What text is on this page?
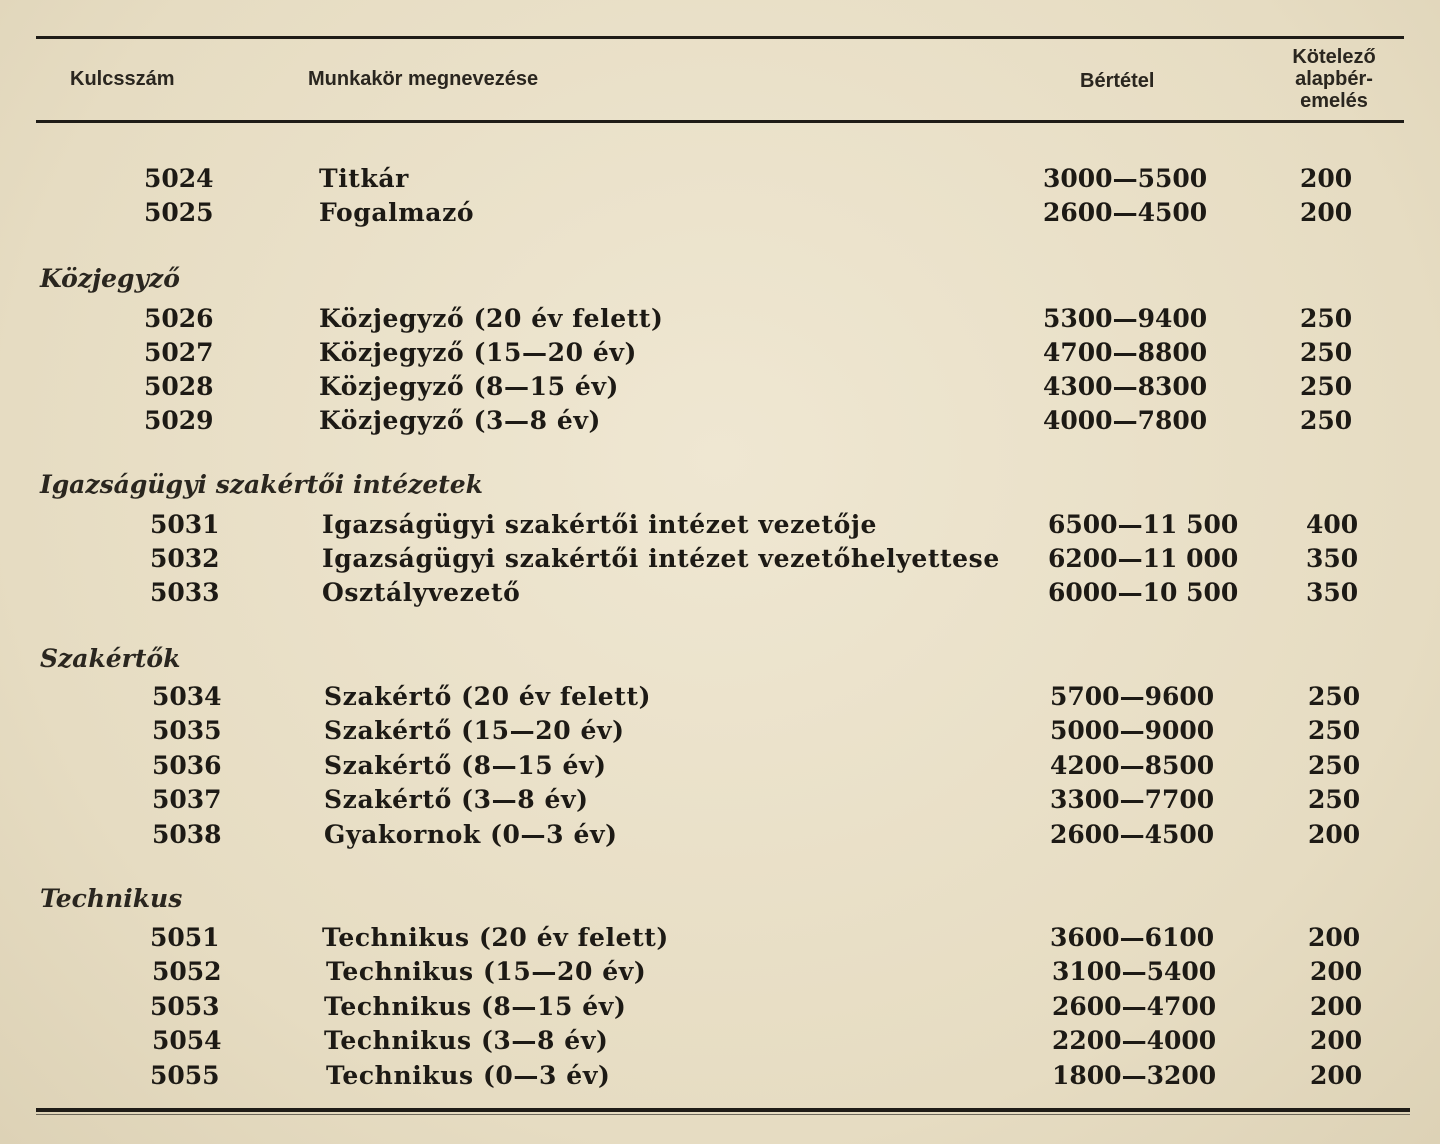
Kulcsszám	Munkakör megnevezése	Bértétel
Kötelező
alapbér-
emelés
5024	Titkár	3000—5500	200
5025	Fogalmazó	2600—4500	200
Közjegyző
5026	Közjegyző (20 év felett)	5300—9400	250
5027	Közjegyző (15—20 év)	4700—8800	250
5028	Közjegyző (8—15 év)	4300—8300	250
5029	Közjegyző (3—8 év)	4000—7800	250
Igazságügyi szakértői intézetek
5031	Igazságügyi szakértői intézet vezetője	6500—11 500	400
5032	Igazságügyi szakértői intézet vezetőhelyettese 6200—11 000	350
5033	Osztályvezető	6000—10 500	350
Szakértők
5034	Szakértő (20 év felett)	5700—9600	250
5035	Szakértő (15—20 év)	5000—9000	250
5036	Szakértő (8—15 év)	4200—8500	250
5037	Szakértő (3—8 év)	3300—7700	250
5038	Gyakornok (0—3 év)	2600—4500	200
Technikus
5051	Technikus (20 év felett)	3600—6100	200
5052	Technikus (15—20 év)	3100—5400	200
5053	Technikus (8—15 év)	2600—4700	200
5054	Technikus (3—8 év)	2200—4000	200
5055	Technikus (0—3 év)	1800—3200	200
